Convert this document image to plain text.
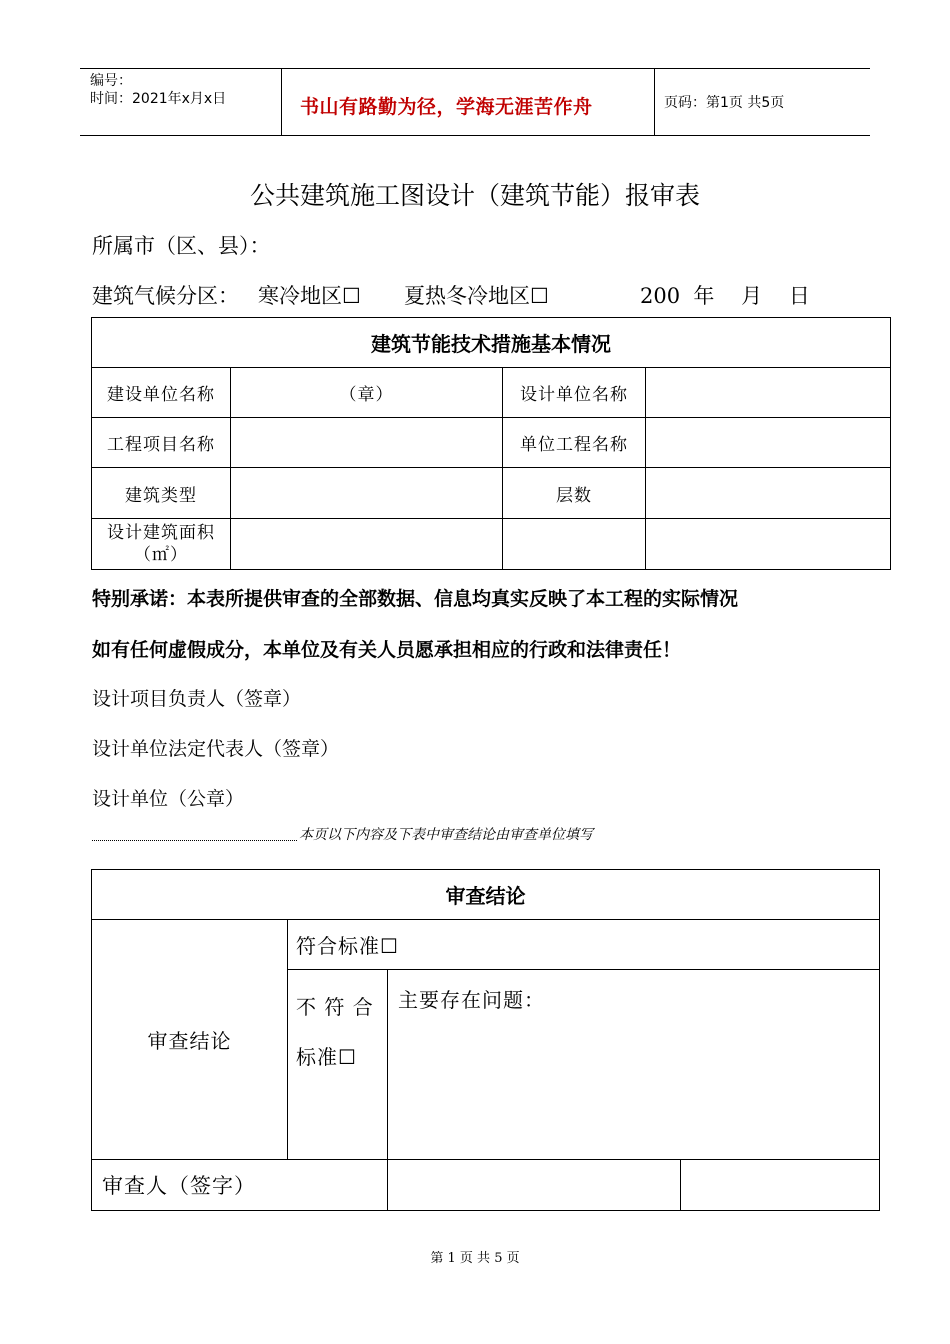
编号：
时间：2021年x月x日	书山有路勤为径，学海无涯苦作舟	页码：第1页 共5页
公共建筑施工图设计（建筑节能）报审表
所属市（区、县）：
建筑气候分区： 寒冷地区☐ 夏热冬冷地区☐	200  年    月    日
建筑节能技术措施基本情况			
建设单位名称	（章）	设计单位名称	
工程项目名称		单位工程名称	
建筑类型		层数	
设计建筑面积（㎡）			
特别承诺：本表所提供审查的全部数据、信息均真实反映了本工程的实际情况
如有任何虚假成分，本单位及有关人员愿承担相应的行政和法律责任！
设计项目负责人（签章）
设计单位法定代表人（签章）
设计单位（公章）
本页以下内容及下表中审查结论由审查单位填写
审查结论			
审查结论	符合标准☐		

	不 符 合
标准☐	主要存在问题：	
审查人（签字）			
第 1 页 共 5 页
